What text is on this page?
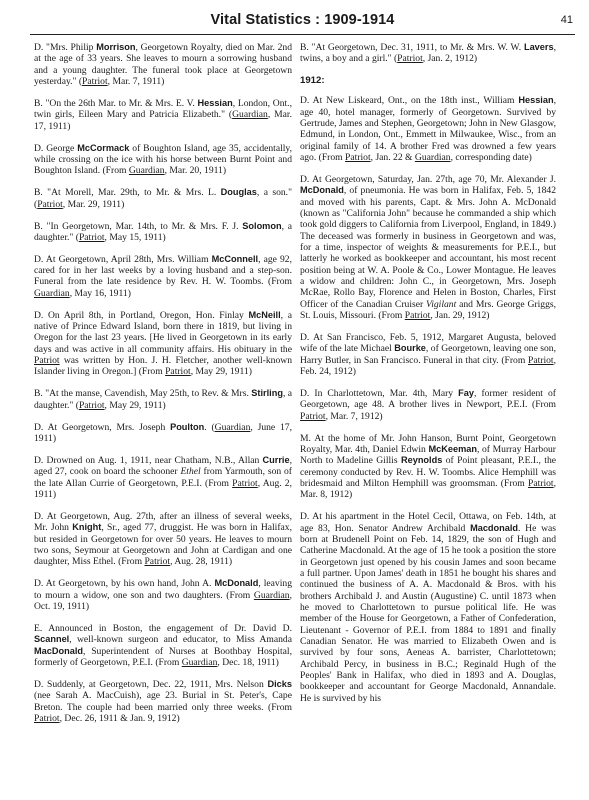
Vital Statistics : 1909-1914	41

D. "Mrs. Philip Morrison, Georgetown Royalty, died on Mar. 2nd at the age of 33 years. She leaves to mourn a sorrowing husband and a young daughter. The funeral took place at Georgetown yesterday." (Patriot, Mar. 7, 1911)

B. "On the 26th Mar. to Mr. & Mrs. E. V. Hessian, London, Ont., twin girls, Eileen Mary and Patricia Elizabeth." (Guardian, Mar. 17, 1911)

D. George McCormack of Boughton Island, age 35, accidentally, while crossing on the ice with his horse between Burnt Point and Boughton Island. (From Guardian, Mar. 20, 1911)

B. "At Morell, Mar. 29th, to Mr. & Mrs. L. Douglas, a son." (Patriot, Mar. 29, 1911)

B. "In Georgetown, Mar. 14th, to Mr. & Mrs. F. J. Solomon, a daughter." (Patriot, May 15, 1911)

D. At Georgetown, April 28th, Mrs. William McConnell, age 92, cared for in her last weeks by a loving husband and a step-son. Funeral from the late residence by Rev. H. W. Toombs. (From Guardian, May 16, 1911)

D. On April 8th, in Portland, Oregon, Hon. Finlay McNeill, a native of Prince Edward Island, born there in 1819, but living in Oregon for the last 23 years. [He lived in Georgetown in its early days and was active in all community affairs. His obituary in the Patriot was written by Hon. J. H. Fletcher, another well-known Islander living in Oregon.] (From Patriot, May 29, 1911)

B. "At the manse, Cavendish, May 25th, to Rev. & Mrs. Stirling, a daughter." (Patriot, May 29, 1911)

D. At Georgetown, Mrs. Joseph Poulton. (Guardian, June 17, 1911)

D. Drowned on Aug. 1, 1911, near Chatham, N.B., Allan Currie, aged 27, cook on board the schooner Ethel from Yarmouth, son of the late Allan Currie of Georgetown, P.E.I. (From Patriot, Aug. 2, 1911)

D. At Georgetown, Aug. 27th, after an illness of several weeks, Mr. John Knight, Sr., aged 77, druggist. He was born in Halifax, but resided in Georgetown for over 50 years. He leaves to mourn two sons, Seymour at Georgetown and John at Cardigan and one daughter, Miss Ethel. (From Patriot, Aug. 28, 1911)

D. At Georgetown, by his own hand, John A. McDonald, leaving to mourn a widow, one son and two daughters. (From Guardian, Oct. 19, 1911)

E. Announced in Boston, the engagement of Dr. David D. Scannel, well-known surgeon and educator, to Miss Amanda MacDonald, Superintendent of Nurses at Boothbay Hospital, formerly of Georgetown, P.E.I. (From Guardian, Dec. 18, 1911)

D. Suddenly, at Georgetown, Dec. 22, 1911, Mrs. Nelson Dicks (nee Sarah A. MacCuish), age 23. Burial in St. Peter's, Cape Breton. The couple had been married only three weeks. (From Patriot, Dec. 26, 1911 & Jan. 9, 1912)

B. "At Georgetown, Dec. 31, 1911, to Mr. & Mrs. W. W. Lavers, twins, a boy and a girl." (Patriot, Jan. 2, 1912)

1912:

D. At New Liskeard, Ont., on the 18th inst., William Hessian, age 40, hotel manager, formerly of Georgetown. Survived by Gertrude, James and Stephen, Georgetown; John in New Glasgow, Edmund, in London, Ont., Emmett in Milwaukee, Wisc., from an original family of 14. A brother Fred was drowned a few years ago. (From Patriot, Jan. 22 & Guardian, corresponding date)

D. At Georgetown, Saturday, Jan. 27th, age 70, Mr. Alexander J. McDonald, of pneumonia. He was born in Halifax, Feb. 5, 1842 and moved with his parents, Capt. & Mrs. John A. McDonald (known as "California John" because he commanded a ship which took gold diggers to California from Liverpool, England, in 1849.) The deceased was formerly in business in Georgetown and was, for a time, inspector of weights & measurements for P.E.I., but latterly he worked as bookkeeper and accountant, his most recent position being at W. A. Poole & Co., Lower Montague. He leaves a widow and children: John C., in Georgetown, Mrs. Joseph McRae, Rollo Bay, Florence and Helen in Boston, Charles, First Officer of the Canadian Cruiser Vigilant and Mrs. George Griggs, St. Louis, Missouri. (From Patriot, Jan. 29, 1912)

D. At San Francisco, Feb. 5, 1912, Margaret Augusta, beloved wife of the late Michael Bourke, of Georgetown, leaving one son, Harry Butler, in San Francisco. Funeral in that city. (From Patriot, Feb. 24, 1912)

D. In Charlottetown, Mar. 4th, Mary Fay, former resident of Georgetown, age 48. A brother lives in Newport, P.E.I. (From Patriot, Mar. 7, 1912)

M. At the home of Mr. John Hanson, Burnt Point, Georgetown Royalty, Mar. 4th, Daniel Edwin McKeeman, of Murray Harbour North to Madeline Gillis Reynolds of Point pleasant, P.E.I., the ceremony conducted by Rev. H. W. Toombs. Alice Hemphill was bridesmaid and Milton Hemphill was groomsman. (From Patriot, Mar. 8, 1912)

D. At his apartment in the Hotel Cecil, Ottawa, on Feb. 14th, at age 83, Hon. Senator Andrew Archibald Macdonald. He was born at Brudenell Point on Feb. 14, 1829, the son of Hugh and Catherine Macdonald. At the age of 15 he took a position the store in Georgetown just opened by his cousin James and soon became a full partner. Upon James' death in 1851 he bought his shares and continued the business of A. A. Macdonald & Bros. with his brothers Archibald J. and Austin (Augustine) C. until 1873 when he moved to Charlottetown to pursue political life. He was member of the House for Georgetown, a Father of Confederation, Lieutenant - Governor of P.E.I. from 1884 to 1891 and finally Canadian Senator. He was married to Elizabeth Owen and is survived by four sons, Aeneas A. barrister, Charlottetown; Archibald Percy, in business in B.C.; Reginald Hugh of the Peoples' Bank in Halifax, who died in 1893 and A. Douglas, bookkeeper and accountant for George Macdonald, Annandale. He is survived by his
